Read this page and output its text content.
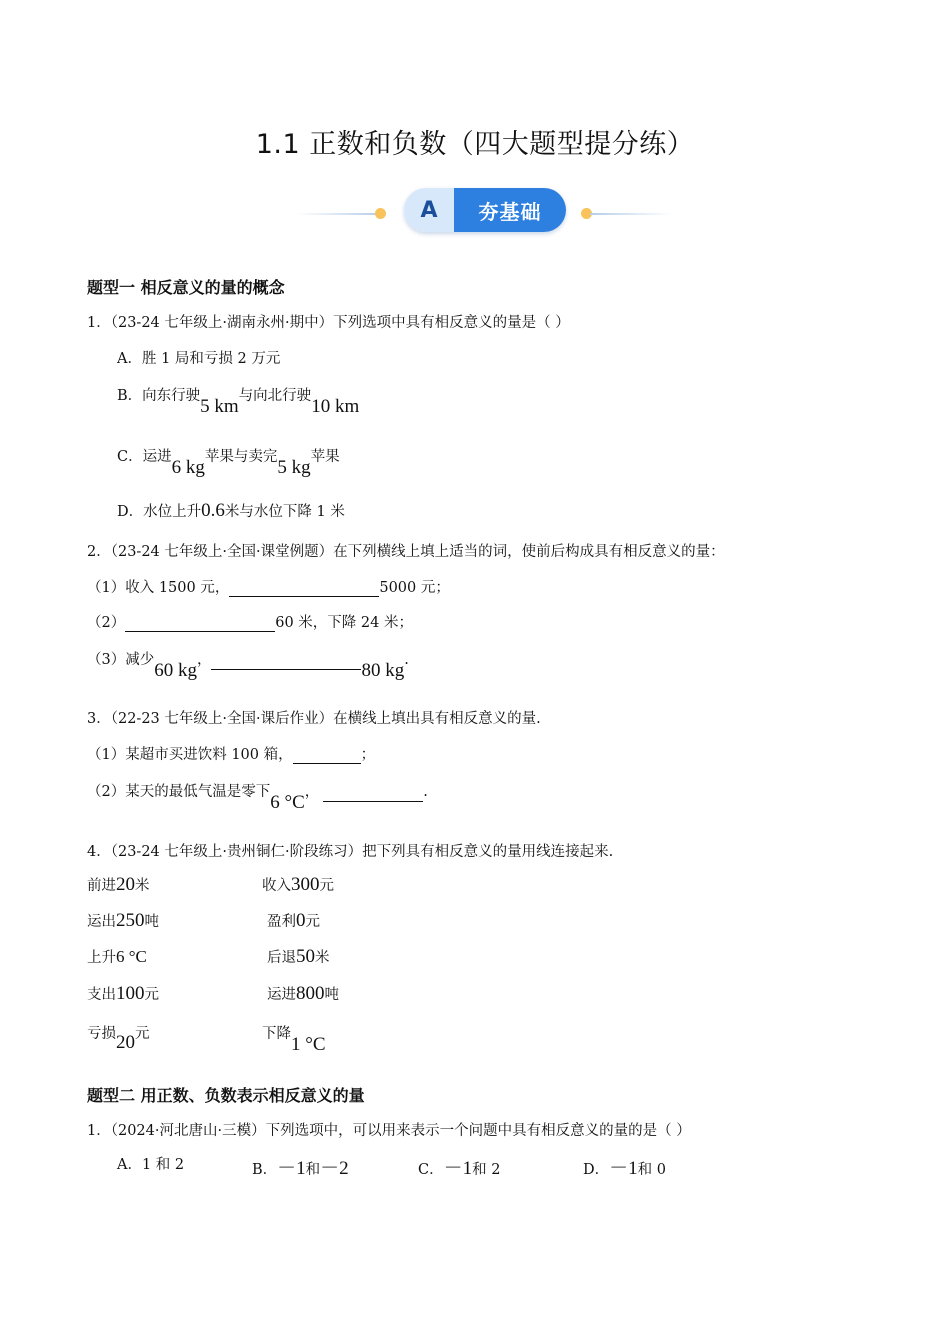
1.1 正数和负数（四大题型提分练）
A	夯基础
题型一 相反意义的量的概念
1．（23-24 七年级上·湖南永州·期中）下列选项中具有相反意义的量是（ ）
A．胜 1 局和亏损 2 万元
B．向东行驶5 km与向北行驶10 km
C．运进6 kg苹果与卖完5 kg苹果
D．水位上升0.6米与水位下降 1 米
2．（23-24 七年级上·全国·课堂例题）在下列横线上填上适当的词，使前后构成具有相反意义的量：
（1）收入 1500 元，	5000 元；
（2）	60 米，下降 24 米；
（3）减少60 kg，	80 kg.
3．（22-23 七年级上·全国·课后作业）在横线上填出具有相反意义的量.
（1）某超市买进饮料 100 箱，	；
（2）某天的最低气温是零下6 °C，	.
4．（23-24 七年级上·贵州铜仁·阶段练习）把下列具有相反意义的量用线连接起来.
前进20米	收入300元
运出250吨	盈利0元
上升6 °C	后退50米
支出100元	运进800吨
亏损20元	下降1 °C
题型二 用正数、负数表示相反意义的量
1．（2024·河北唐山·三模）下列选项中，可以用来表示一个问题中具有相反意义的量的是（ ）
A．1 和 2	B．－1和－2	C．－1和 2	D．－1和 0
